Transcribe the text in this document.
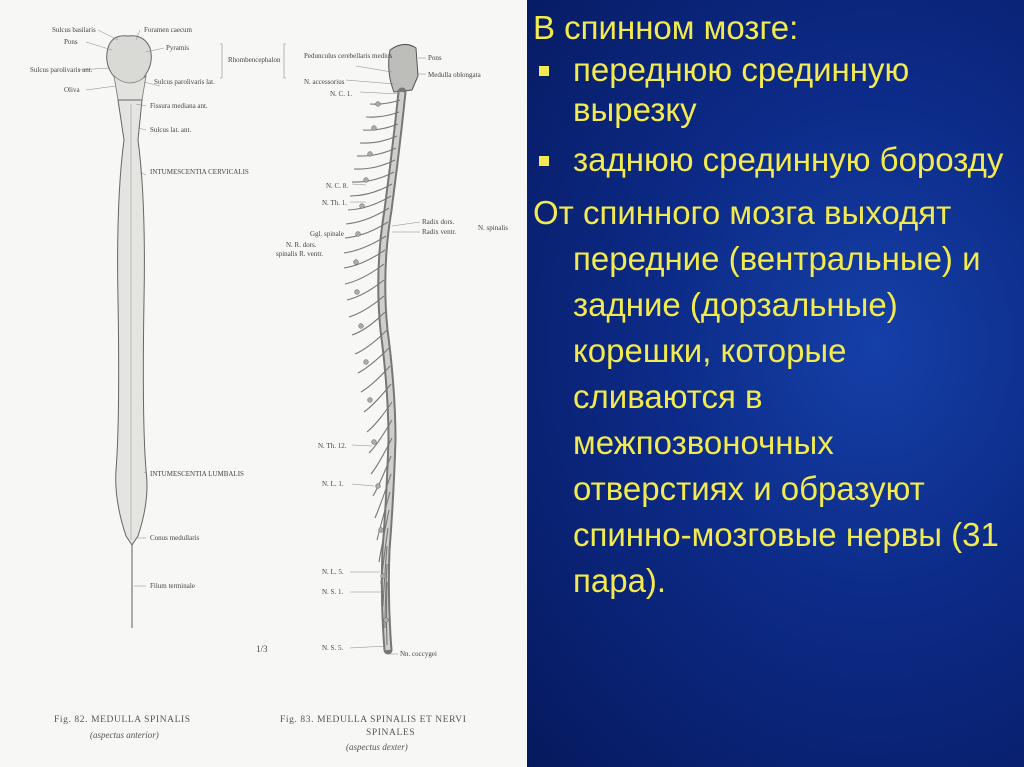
Sulcus basilaris	Foramen caecum
Pons
Pyramis
Sulcus parolivaris ant.
Sulcus parolivaris lat.
Oliva
Fissura mediana ant.
Sulcus lat. ant.
INTUMESCENTIA CERVICALIS
INTUMESCENTIA LUMBALIS
Conus medullaris
Filum terminale
Rhombencephalon	Pedunculus cerebellaris medius
N. accessorius
N. C. 1.
Pons
Medulla oblongata
N. C. 8.
N. Th. 1.
Radix dors.
Radix ventr.	N. spinalis
Ggl. spinale
N. R. dors.
spinalis R. ventr.
N. Th. 12.
N. L. 1.
N. L. 5.
N. S. 1.
N. S. 5.
Nn. coccygei
1/3
Fig. 82. MEDULLA SPINALIS
(aspectus anterior)
Fig. 83. MEDULLA SPINALIS ET NERVI
SPINALES
(aspectus dexter)
В спинном мозге:
переднюю срединную вырезку
заднюю срединную борозду
От спинного мозга выходят передние (вентральные) и задние (дорзальные) корешки, которые сливаются в межпозвоночных отверстиях и образуют спинно-мозговые нервы (31 пара).
